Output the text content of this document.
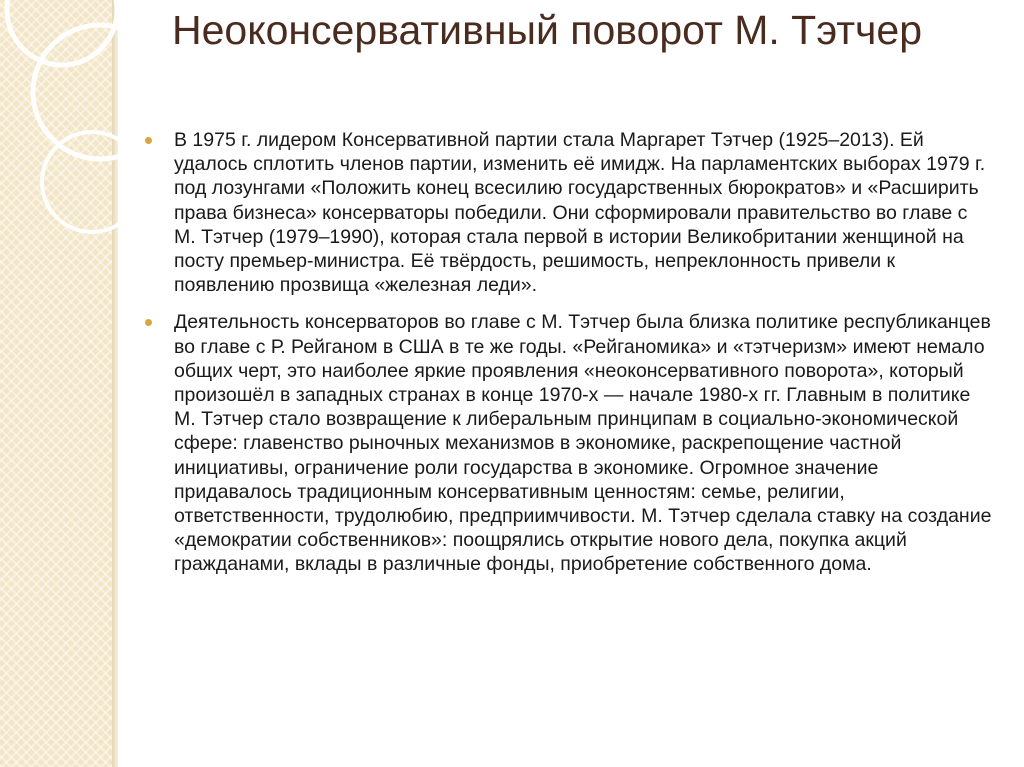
Неоконсервативный поворот М. Тэтчер
В 1975 г. лидером Консервативной партии стала Маргарет Тэтчер (1925–2013). Ей удалось сплотить членов партии, изменить её имидж. На парламентских выборах 1979 г. под лозунгами «Положить конец всесилию государственных бюрократов» и «Расширить права бизнеса» консерваторы победили. Они сформировали правительство во главе с М. Тэтчер (1979–1990), которая стала первой в истории Великобритании женщиной на посту премьер-министра. Её твёрдость, решимость, непреклонность привели к появлению прозвища «железная леди».
Деятельность консерваторов во главе с М. Тэтчер была близка политике республиканцев во главе с Р. Рейганом в США в те же годы. «Рейганомика» и «тэтчеризм» имеют немало общих черт, это наиболее яркие проявления «неоконсервативного поворота», который произошёл в западных странах в конце 1970-х — начале 1980-х гг. Главным в политике М. Тэтчер стало возвращение к либеральным принципам в социально-экономической сфере: главенство рыночных механизмов в экономике, раскрепощение частной инициативы, ограничение роли государства в экономике. Огромное значение придавалось традиционным консервативным ценностям: семье, религии, ответственности, трудолюбию, предприимчивости. М. Тэтчер сделала ставку на создание «демократии собственников»: поощрялись открытие нового дела, покупка акций гражданами, вклады в различные фонды, приобретение собственного дома.
